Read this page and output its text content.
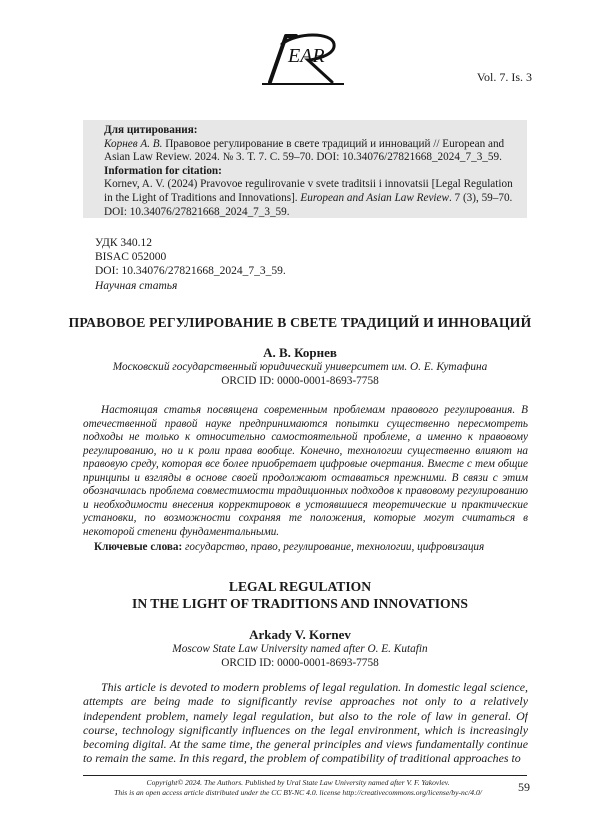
EAR
Vol. 7. Is. 3
Для цитирования:

Корнев А. В. Правовое регулирование в свете традиций и инноваций // European and Asian Law Review. 2024. № 3. Т. 7. С. 59–70. DOI: 10.34076/27821668_2024_7_3_59.

Information for citation:

Kornev, A. V. (2024) Pravovoe regulirovanie v svete traditsii i innovatsii [Legal Regulation in the Light of Traditions and Innovations]. European and Asian Law Review. 7 (3), 59–70. DOI: 10.34076/27821668_2024_7_3_59.

УДК 340.12
BISAC 052000
DOI: 10.34076/27821668_2024_7_3_59.
Научная статья
ПРАВОВОЕ РЕГУЛИРОВАНИЕ В СВЕТЕ ТРАДИЦИЙ И ИННОВАЦИЙ
А. В. Корнев
Московский государственный юридический университет им. О. Е. Кутафина
ORCID ID: 0000-0001-8693-7758

Настоящая статья посвящена современным проблемам правового регулирования. В отечественной правой науке предпринимаются попытки существенно пересмотреть подходы не только к относительно самостоятельной проблеме, а именно к правовому регулированию, но и к роли права вообще. Конечно, технологии существенно влияют на правовую среду, которая все более приобретает цифровые очертания. Вместе с тем общие принципы и взгляды в основе своей продолжают оставаться прежними. В связи с этим обозначилась проблема совместимости традиционных подходов к правовому регулированию и необходимости внесения корректировок в устоявшиеся теоретические и практические установки, по возможности сохраняя те положения, которые могут считаться в некоторой степени фундаментальными.

Ключевые слова: государство, право, регулирование, технологии, цифровизация
LEGAL REGULATION
IN THE LIGHT OF TRADITIONS AND INNOVATIONS
Arkady V. Kornev
Moscow State Law University named after O. E. Kutafin
ORCID ID: 0000-0001-8693-7758

This article is devoted to modern problems of legal regulation. In domestic legal science, attempts are being made to significantly revise approaches not only to a relatively independent problem, namely legal regulation, but also to the role of law in general. Of course, technology significantly influences on the legal environment, which is increasingly becoming digital. At the same time, the general principles and views fundamentally continue to remain the same. In this regard, the problem of compatibility of traditional approaches to

Copyright© 2024. The Authors. Published by Ural State Law University named after V. F. Yakovlev.
This is an open access article distributed under the CC BY-NC 4.0. license http://creativecommons.org/license/by-nc/4.0/	59
